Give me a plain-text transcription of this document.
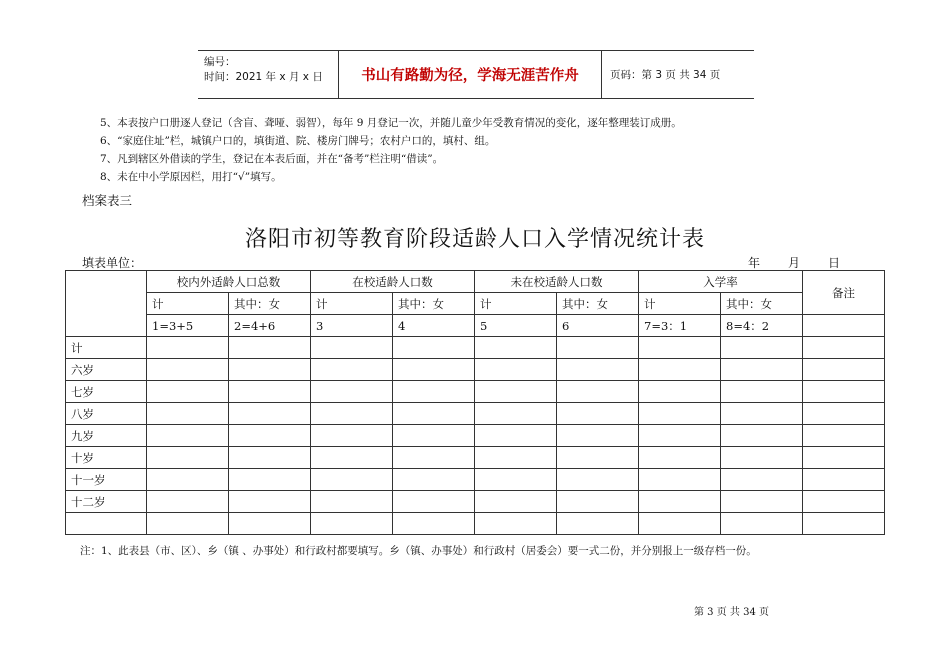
编号：
时间：2021 年 x 月 x 日	书山有路勤为径，学海无涯苦作舟	页码：第 3 页 共 34 页
5、本表按户口册逐人登记（含盲、聋哑、弱智），每年 9 月登记一次，并随儿童少年受教育情况的变化，逐年整理装订成册。
6、“家庭住址”栏，城镇户口的，填街道、院、楼房门牌号；农村户口的，填村、组。
7、凡到辖区外借读的学生，登记在本表后面，并在“备考”栏注明“借读”。
8、未在中小学原因栏，用打“√”填写。
档案表三
洛阳市初等教育阶段适龄人口入学情况统计表
填表单位：	年 月 日
	校内外适龄人口总数		在校适龄人口数		未在校适龄人口数		入学率		备注
	计	其中：女	计	其中：女	计	其中：女	计	其中：女	
	1=3+5	2=4+6	3	4	5	6	7=3：1	8=4：2	
计									
六岁									
七岁									
八岁									
九岁									
十岁									
十一岁									
十二岁									

注：1、此表县（市、区）、乡（镇 、办事处）和行政村都要填写。乡（镇、办事处）和行政村（居委会）要一式二份，并分别报上一级存档一份。
第 3 页 共 34 页
